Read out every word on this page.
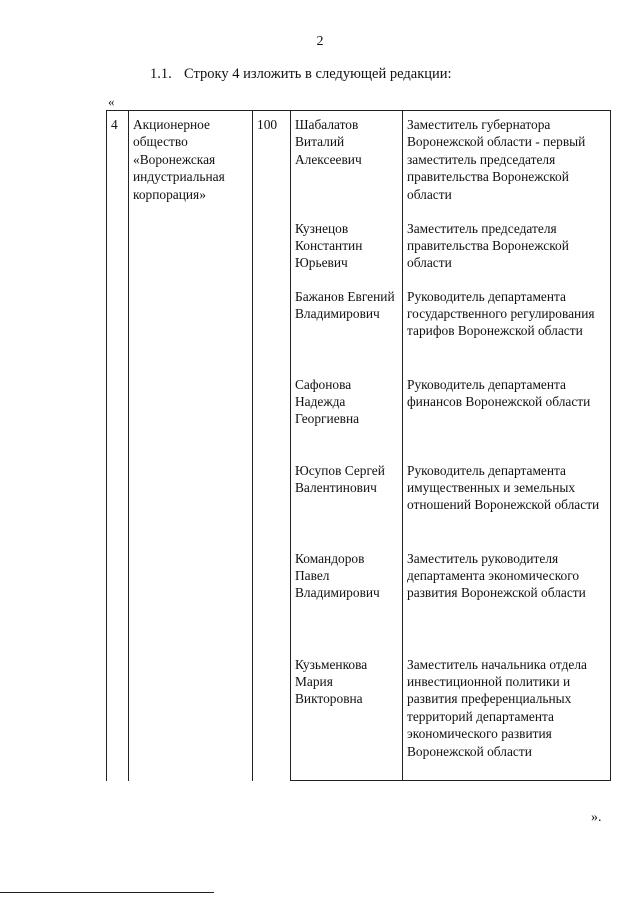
2
1.1. Строку 4 изложить в следующей редакции:
«
4	Акционерное общество «Воронежская индустриальная корпорация»	100	Шабалатов Виталий Алексеевич	Заместитель губернатора Воронежской области - первый заместитель председателя правительства Воронежской области
			Кузнецов Константин Юрьевич	Заместитель председателя правительства Воронежской области
			Бажанов Евгений Владимирович	Руководитель департамента государственного регулирования тарифов Воронежской области
			Сафонова Надежда Георгиевна	Руководитель департамента финансов Воронежской области
			Юсупов Сергей Валентинович	Руководитель департамента имущественных и земельных отношений Воронежской области
			Командоров Павел Владимирович	Заместитель руководителя департамента экономического развития Воронежской области
			Кузьменкова Мария Викторовна	Заместитель начальника отдела инвестиционной политики и развития преференциальных территорий департамента экономического развития Воронежской области
».
